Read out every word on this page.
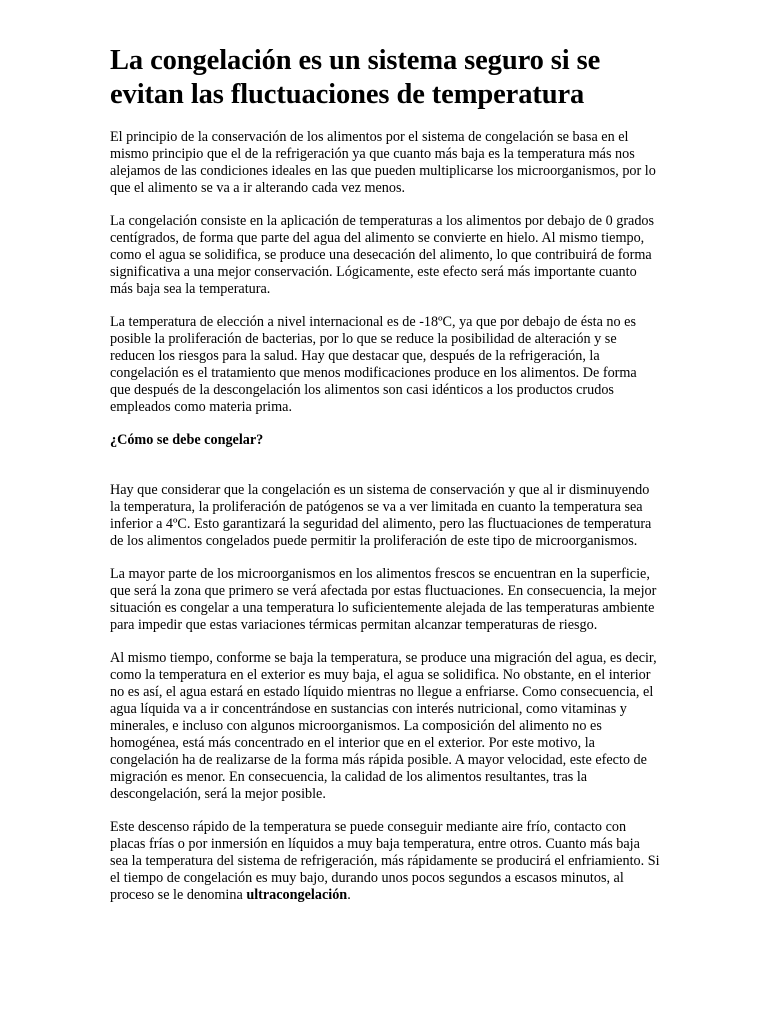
La congelación es un sistema seguro si se evitan las fluctuaciones de temperatura

El principio de la conservación de los alimentos por el sistema de congelación se basa en el mismo principio que el de la refrigeración ya que cuanto más baja es la temperatura más nos alejamos de las condiciones ideales en las que pueden multiplicarse los microorganismos, por lo que el alimento se va a ir alterando cada vez menos.

La congelación consiste en la aplicación de temperaturas a los alimentos por debajo de 0 grados centígrados, de forma que parte del agua del alimento se convierte en hielo. Al mismo tiempo, como el agua se solidifica, se produce una desecación del alimento, lo que contribuirá de forma significativa a una mejor conservación. Lógicamente, este efecto será más importante cuanto más baja sea la temperatura.

La temperatura de elección a nivel internacional es de -18ºC, ya que por debajo de ésta no es posible la proliferación de bacterias, por lo que se reduce la posibilidad de alteración y se reducen los riesgos para la salud. Hay que destacar que, después de la refrigeración, la congelación es el tratamiento que menos modificaciones produce en los alimentos. De forma que después de la descongelación los alimentos son casi idénticos a los productos crudos empleados como materia prima.

¿Cómo se debe congelar?

Hay que considerar que la congelación es un sistema de conservación y que al ir disminuyendo la temperatura, la proliferación de patógenos se va a ver limitada en cuanto la temperatura sea inferior a 4ºC. Esto garantizará la seguridad del alimento, pero las fluctuaciones de temperatura de los alimentos congelados puede permitir la proliferación de este tipo de microorganismos.

La mayor parte de los microorganismos en los alimentos frescos se encuentran en la superficie, que será la zona que primero se verá afectada por estas fluctuaciones. En consecuencia, la mejor situación es congelar a una temperatura lo suficientemente alejada de las temperaturas ambiente para impedir que estas variaciones térmicas permitan alcanzar temperaturas de riesgo.

Al mismo tiempo, conforme se baja la temperatura, se produce una migración del agua, es decir, como la temperatura en el exterior es muy baja, el agua se solidifica. No obstante, en el interior no es así, el agua estará en estado líquido mientras no llegue a enfriarse. Como consecuencia, el agua líquida va a ir concentrándose en sustancias con interés nutricional, como vitaminas y minerales, e incluso con algunos microorganismos. La composición del alimento no es homogénea, está más concentrado en el interior que en el exterior. Por este motivo, la congelación ha de realizarse de la forma más rápida posible. A mayor velocidad, este efecto de migración es menor. En consecuencia, la calidad de los alimentos resultantes, tras la descongelación, será la mejor posible.

Este descenso rápido de la temperatura se puede conseguir mediante aire frío, contacto con placas frías o por inmersión en líquidos a muy baja temperatura, entre otros. Cuanto más baja sea la temperatura del sistema de refrigeración, más rápidamente se producirá el enfriamiento. Si el tiempo de congelación es muy bajo, durando unos pocos segundos a escasos minutos, al proceso se le denomina ultracongelación.
